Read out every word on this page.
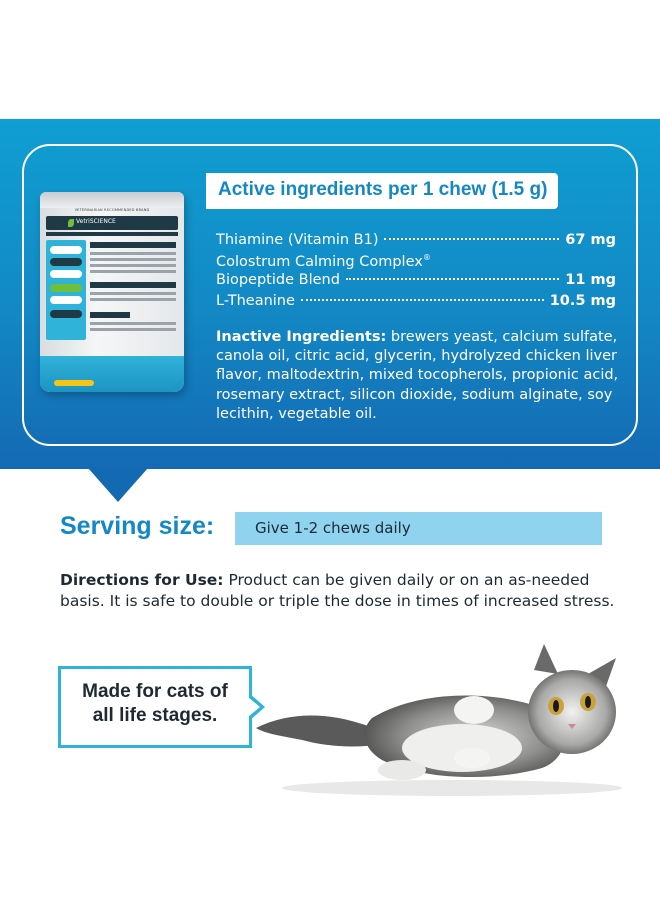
VETERINARIAN RECOMMENDED BRAND
VetriSCIENCE
Active ingredients per 1 chew (1.5 g)
Thiamine (Vitamin B1)	67 mg
Colostrum Calming Complex®
Biopeptide Blend	11 mg
L-Theanine	10.5 mg
Inactive Ingredients: brewers yeast, calcium sulfate, canola oil, citric acid, glycerin, hydrolyzed chicken liver flavor, maltodextrin, mixed tocopherols, propionic acid, rosemary extract, silicon dioxide, sodium alginate, soy lecithin, vegetable oil.
Serving size:	Give 1-2 chews daily
Directions for Use: Product can be given daily or on an as-needed basis. It is safe to double or triple the dose in times of increased stress.
Made for cats of
all life stages.
